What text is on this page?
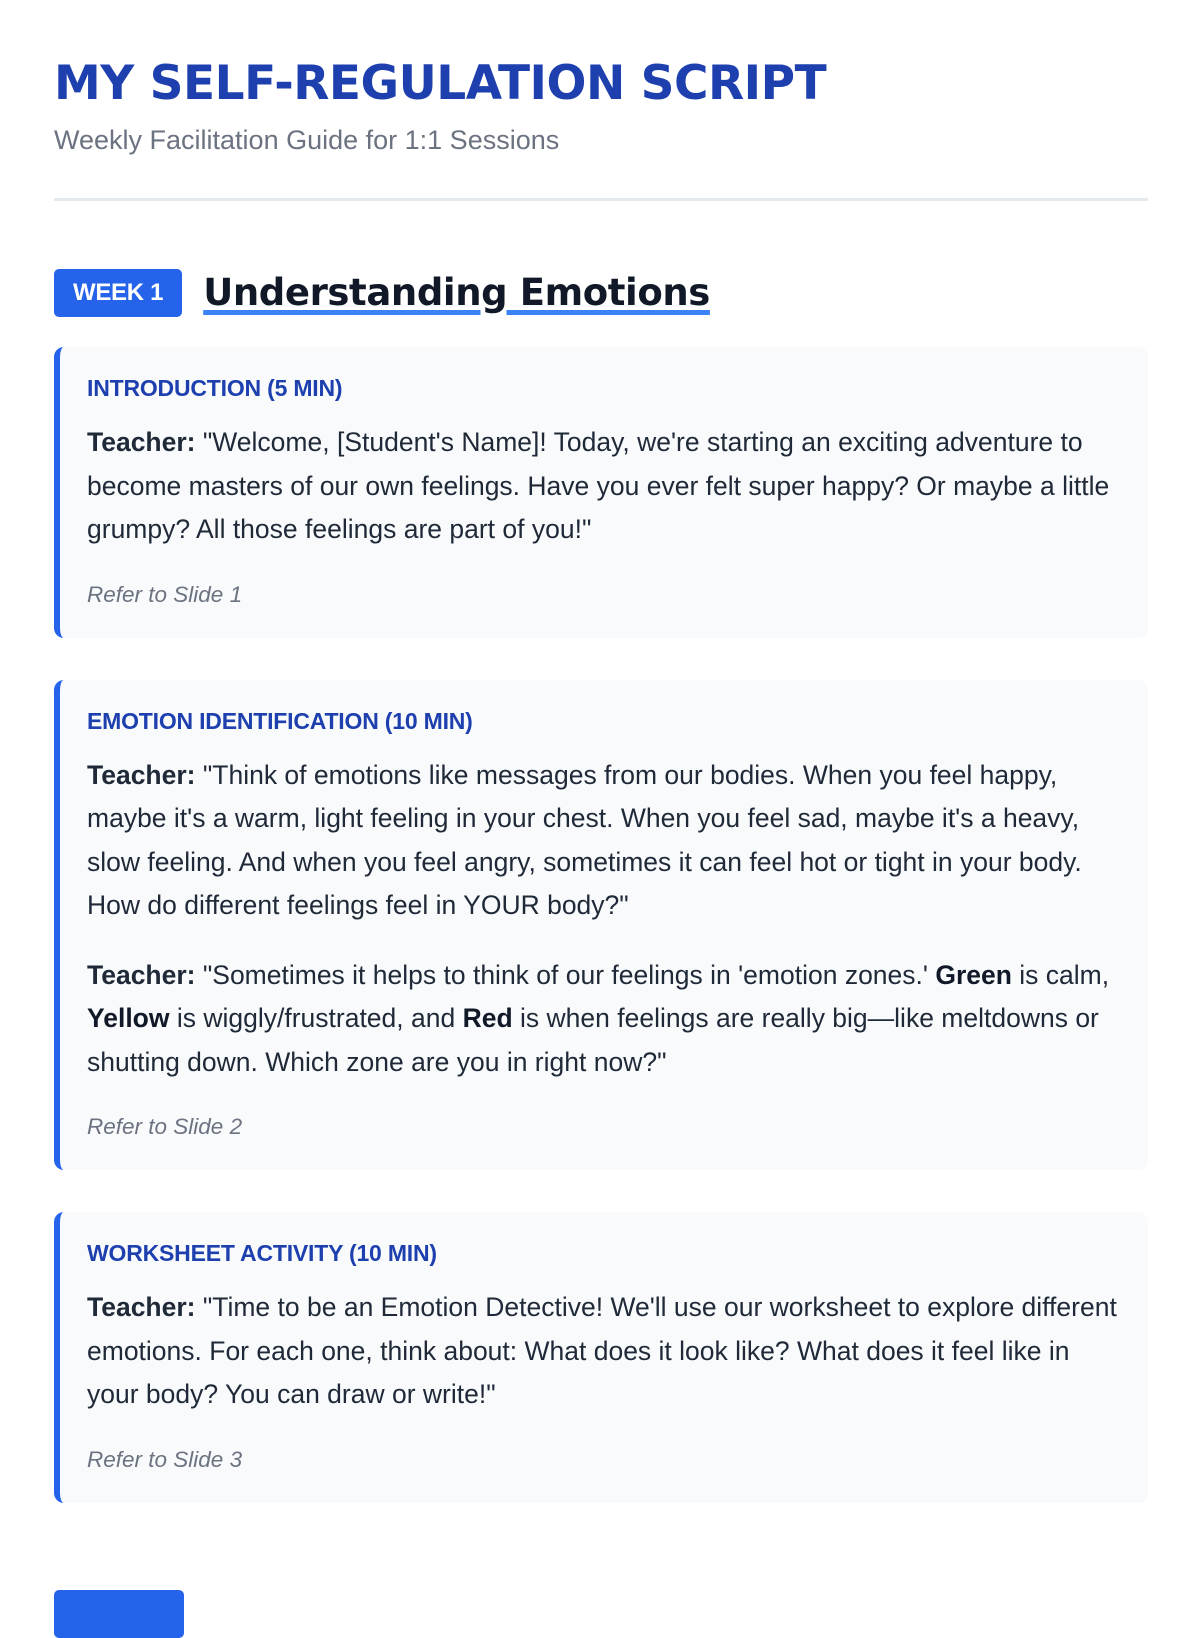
MY SELF-REGULATION SCRIPT
Weekly Facilitation Guide for 1:1 Sessions
WEEK 1	Understanding Emotions
INTRODUCTION (5 MIN)
Teacher: "Welcome, [Student's Name]! Today, we're starting an exciting adventure to become masters of our own feelings. Have you ever felt super happy? Or maybe a little grumpy? All those feelings are part of you!"
Refer to Slide 1
EMOTION IDENTIFICATION (10 MIN)
Teacher: "Think of emotions like messages from our bodies. When you feel happy, maybe it's a warm, light feeling in your chest. When you feel sad, maybe it's a heavy, slow feeling. And when you feel angry, sometimes it can feel hot or tight in your body. How do different feelings feel in YOUR body?"
Teacher: "Sometimes it helps to think of our feelings in 'emotion zones.' Green is calm, Yellow is wiggly/frustrated, and Red is when feelings are really big—like meltdowns or shutting down. Which zone are you in right now?"
Refer to Slide 2
WORKSHEET ACTIVITY (10 MIN)
Teacher: "Time to be an Emotion Detective! We'll use our worksheet to explore different emotions. For each one, think about: What does it look like? What does it feel like in your body? You can draw or write!"
Refer to Slide 3
